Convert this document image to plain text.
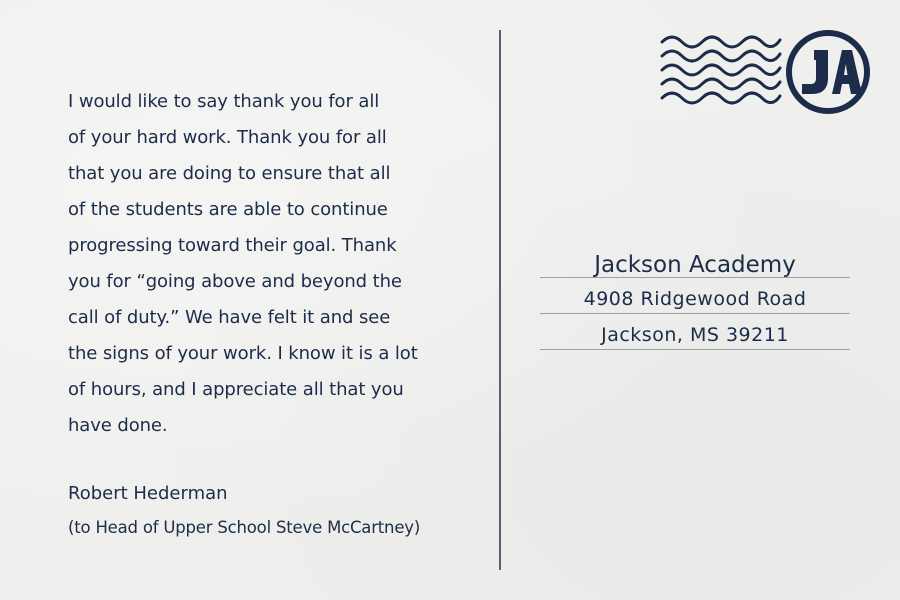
I would like to say thank you for all
of your hard work. Thank you for all
that you are doing to ensure that all
of the students are able to continue
progressing toward their goal. Thank
you for “going above and beyond the
call of duty.” We have felt it and see
the signs of your work. I know it is a lot
of hours, and I appreciate all that you
have done.
Robert Hederman
(to Head of Upper School Steve McCartney)
Jackson Academy
4908 Ridgewood Road
Jackson, MS 39211
